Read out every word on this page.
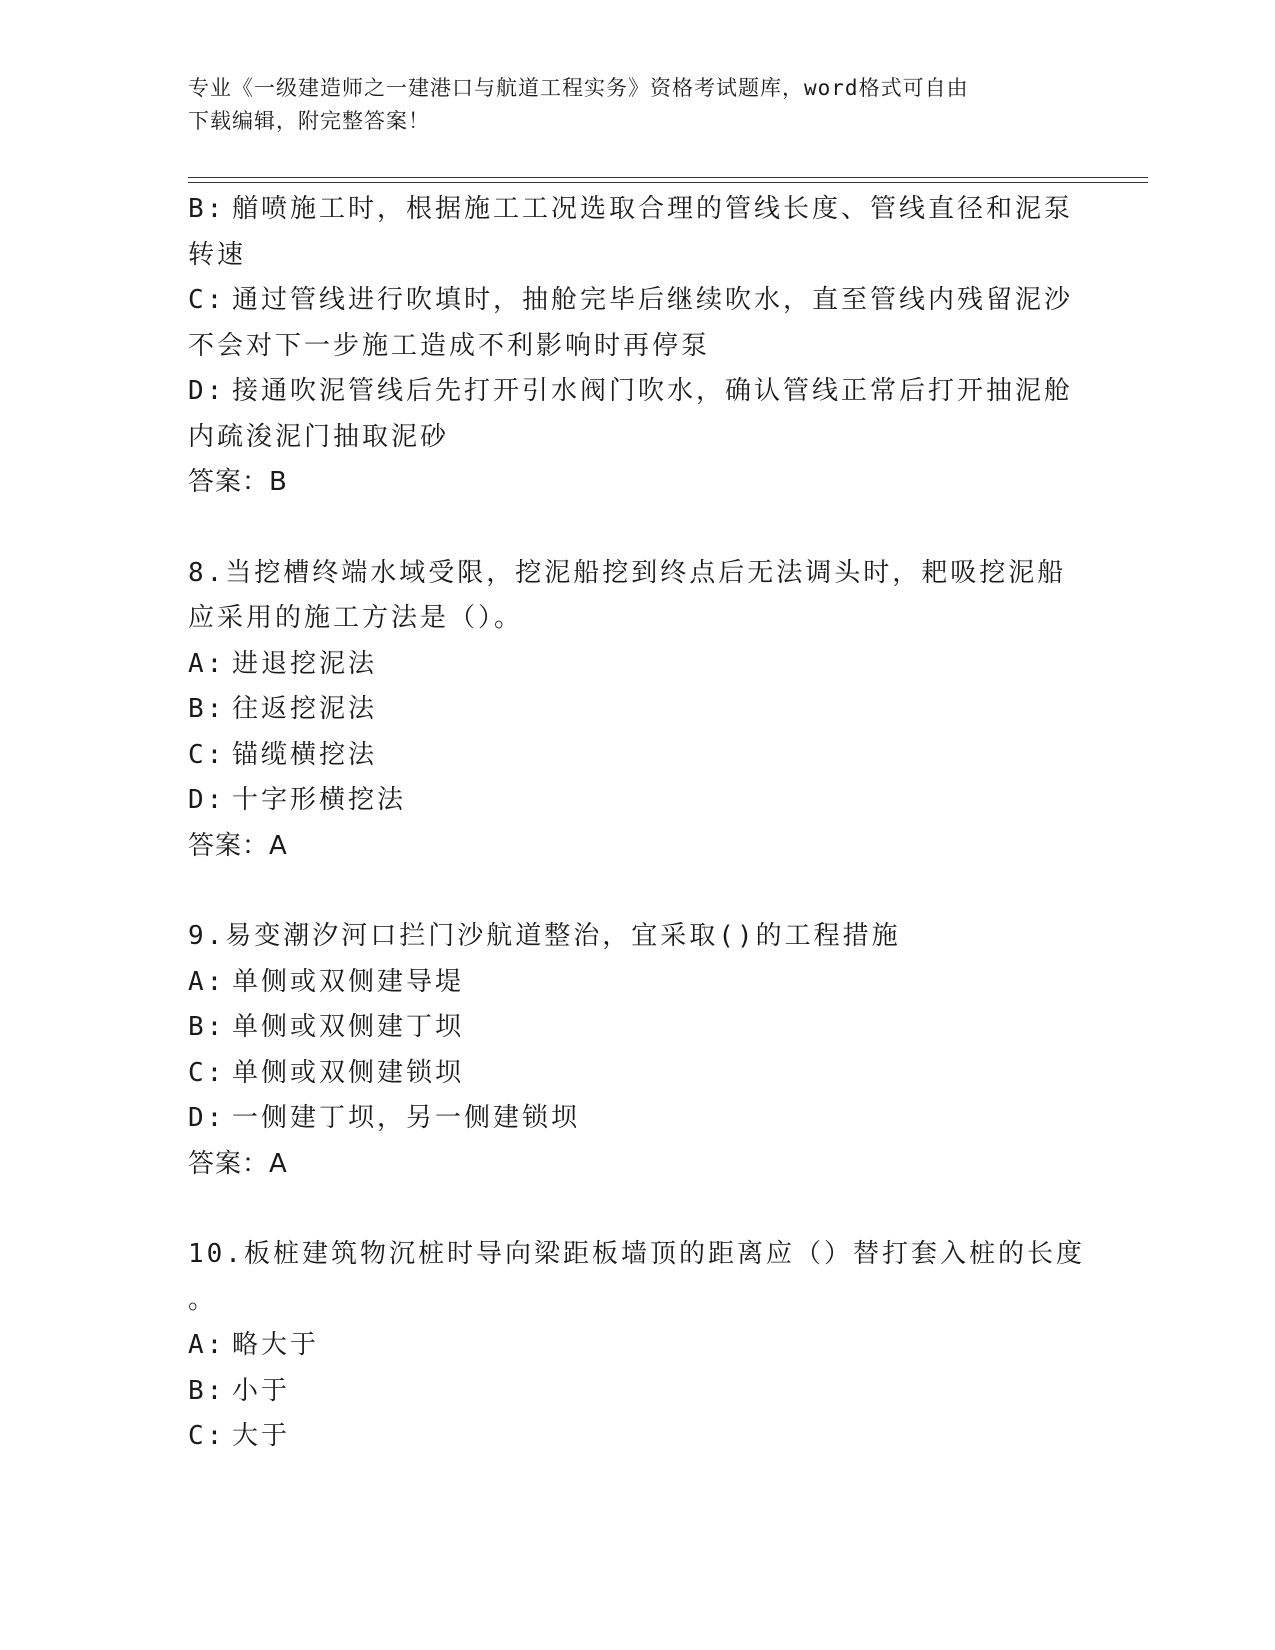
专业《一级建造师之一建港口与航道工程实务》资格考试题库，word格式可自由
下载编辑，附完整答案！
B: 艏喷施工时，根据施工工况选取合理的管线长度、管线直径和泥泵
转速
C: 通过管线进行吹填时，抽舱完毕后继续吹水，直至管线内残留泥沙
不会对下一步施工造成不利影响时再停泵
D: 接通吹泥管线后先打开引水阀门吹水，确认管线正常后打开抽泥舱
内疏浚泥门抽取泥砂
答案：B
8.当挖槽终端水域受限，挖泥船挖到终点后无法调头时，耙吸挖泥船
应采用的施工方法是（）。
A: 进退挖泥法
B: 往返挖泥法
C: 锚缆横挖法
D: 十字形横挖法
答案：A
9.易变潮汐河口拦门沙航道整治，宜采取()的工程措施
A: 单侧或双侧建导堤
B: 单侧或双侧建丁坝
C: 单侧或双侧建锁坝
D: 一侧建丁坝，另一侧建锁坝
答案：A
10.板桩建筑物沉桩时导向梁距板墙顶的距离应（）替打套入桩的长度
。
A: 略大于
B: 小于
C: 大于
